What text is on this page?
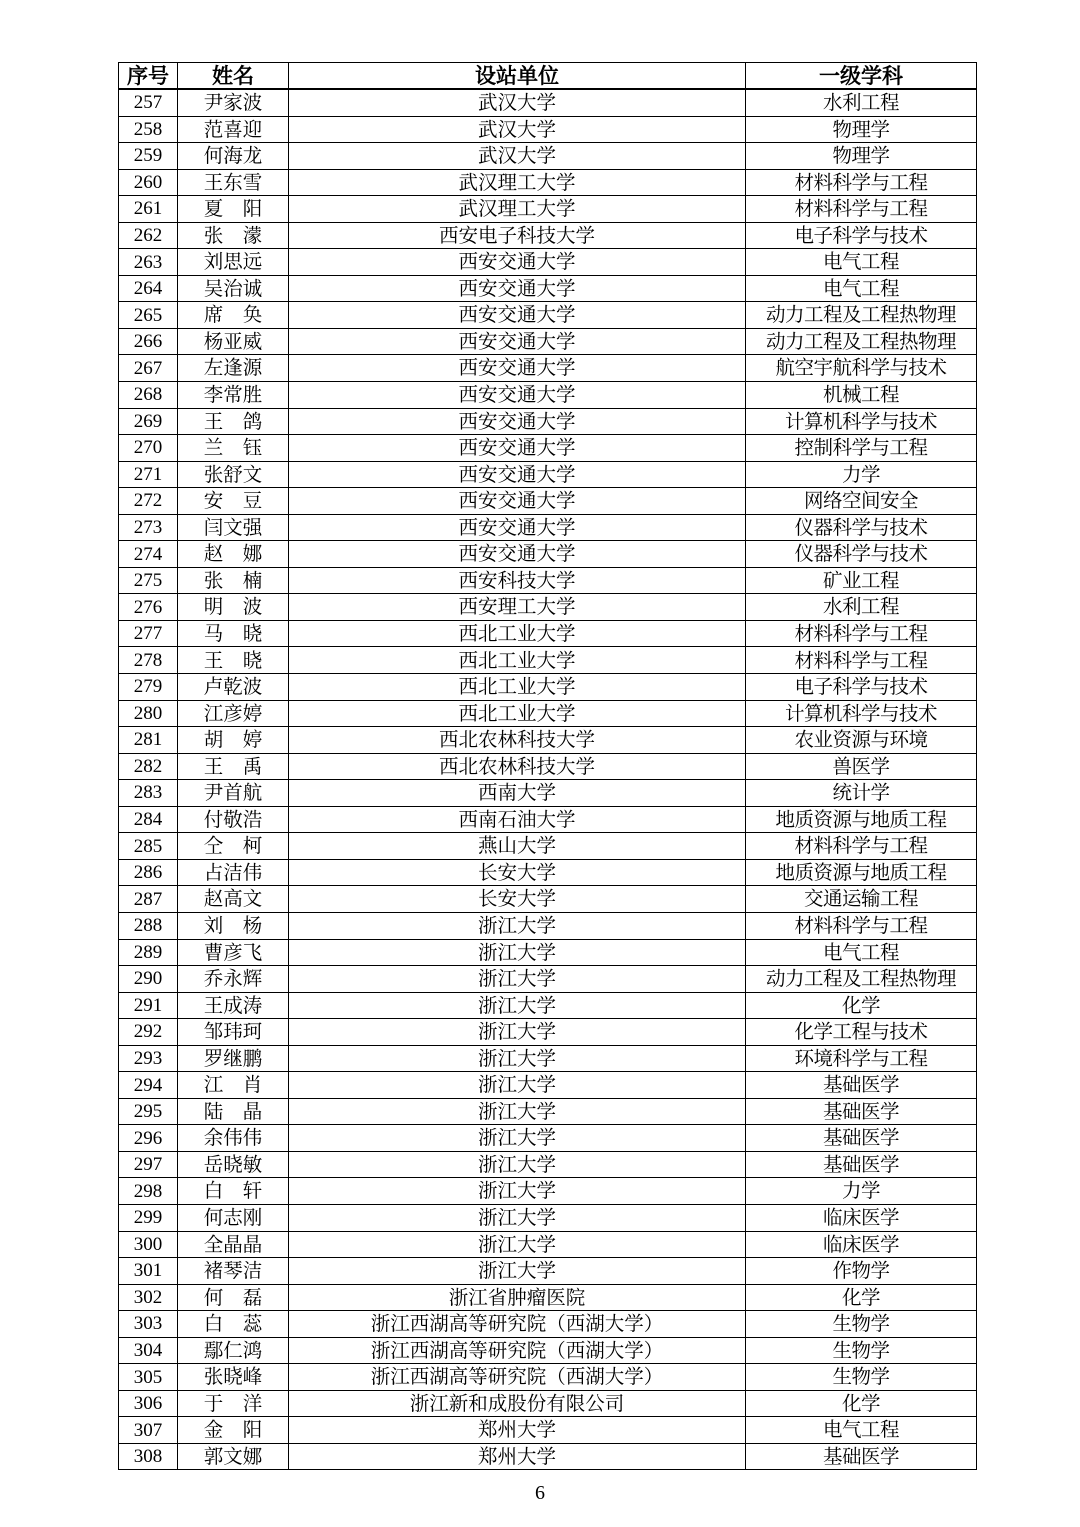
序号	姓名	设站单位	一级学科
257	尹家波	武汉大学	水利工程
258	范喜迎	武汉大学	物理学
259	何海龙	武汉大学	物理学
260	王东雪	武汉理工大学	材料科学与工程
261	夏　阳	武汉理工大学	材料科学与工程
262	张　濛	西安电子科技大学	电子科学与技术
263	刘思远	西安交通大学	电气工程
264	吴治诚	西安交通大学	电气工程
265	席　奂	西安交通大学	动力工程及工程热物理
266	杨亚威	西安交通大学	动力工程及工程热物理
267	左逢源	西安交通大学	航空宇航科学与技术
268	李常胜	西安交通大学	机械工程
269	王　鸽	西安交通大学	计算机科学与技术
270	兰　钰	西安交通大学	控制科学与工程
271	张舒文	西安交通大学	力学
272	安　豆	西安交通大学	网络空间安全
273	闫文强	西安交通大学	仪器科学与技术
274	赵　娜	西安交通大学	仪器科学与技术
275	张　楠	西安科技大学	矿业工程
276	明　波	西安理工大学	水利工程
277	马　晓	西北工业大学	材料科学与工程
278	王　晓	西北工业大学	材料科学与工程
279	卢乾波	西北工业大学	电子科学与技术
280	江彦婷	西北工业大学	计算机科学与技术
281	胡　婷	西北农林科技大学	农业资源与环境
282	王　禹	西北农林科技大学	兽医学
283	尹首航	西南大学	统计学
284	付敬浩	西南石油大学	地质资源与地质工程
285	仝　柯	燕山大学	材料科学与工程
286	占洁伟	长安大学	地质资源与地质工程
287	赵高文	长安大学	交通运输工程
288	刘　杨	浙江大学	材料科学与工程
289	曹彦飞	浙江大学	电气工程
290	乔永辉	浙江大学	动力工程及工程热物理
291	王成涛	浙江大学	化学
292	邹玮珂	浙江大学	化学工程与技术
293	罗继鹏	浙江大学	环境科学与工程
294	江　肖	浙江大学	基础医学
295	陆　晶	浙江大学	基础医学
296	余伟伟	浙江大学	基础医学
297	岳晓敏	浙江大学	基础医学
298	白　轩	浙江大学	力学
299	何志刚	浙江大学	临床医学
300	全晶晶	浙江大学	临床医学
301	褚琴洁	浙江大学	作物学
302	何　磊	浙江省肿瘤医院	化学
303	白　蕊	浙江西湖高等研究院（西湖大学）	生物学
304	鄢仁鸿	浙江西湖高等研究院（西湖大学）	生物学
305	张晓峰	浙江西湖高等研究院（西湖大学）	生物学
306	于　洋	浙江新和成股份有限公司	化学
307	金　阳	郑州大学	电气工程
308	郭文娜	郑州大学	基础医学
6
